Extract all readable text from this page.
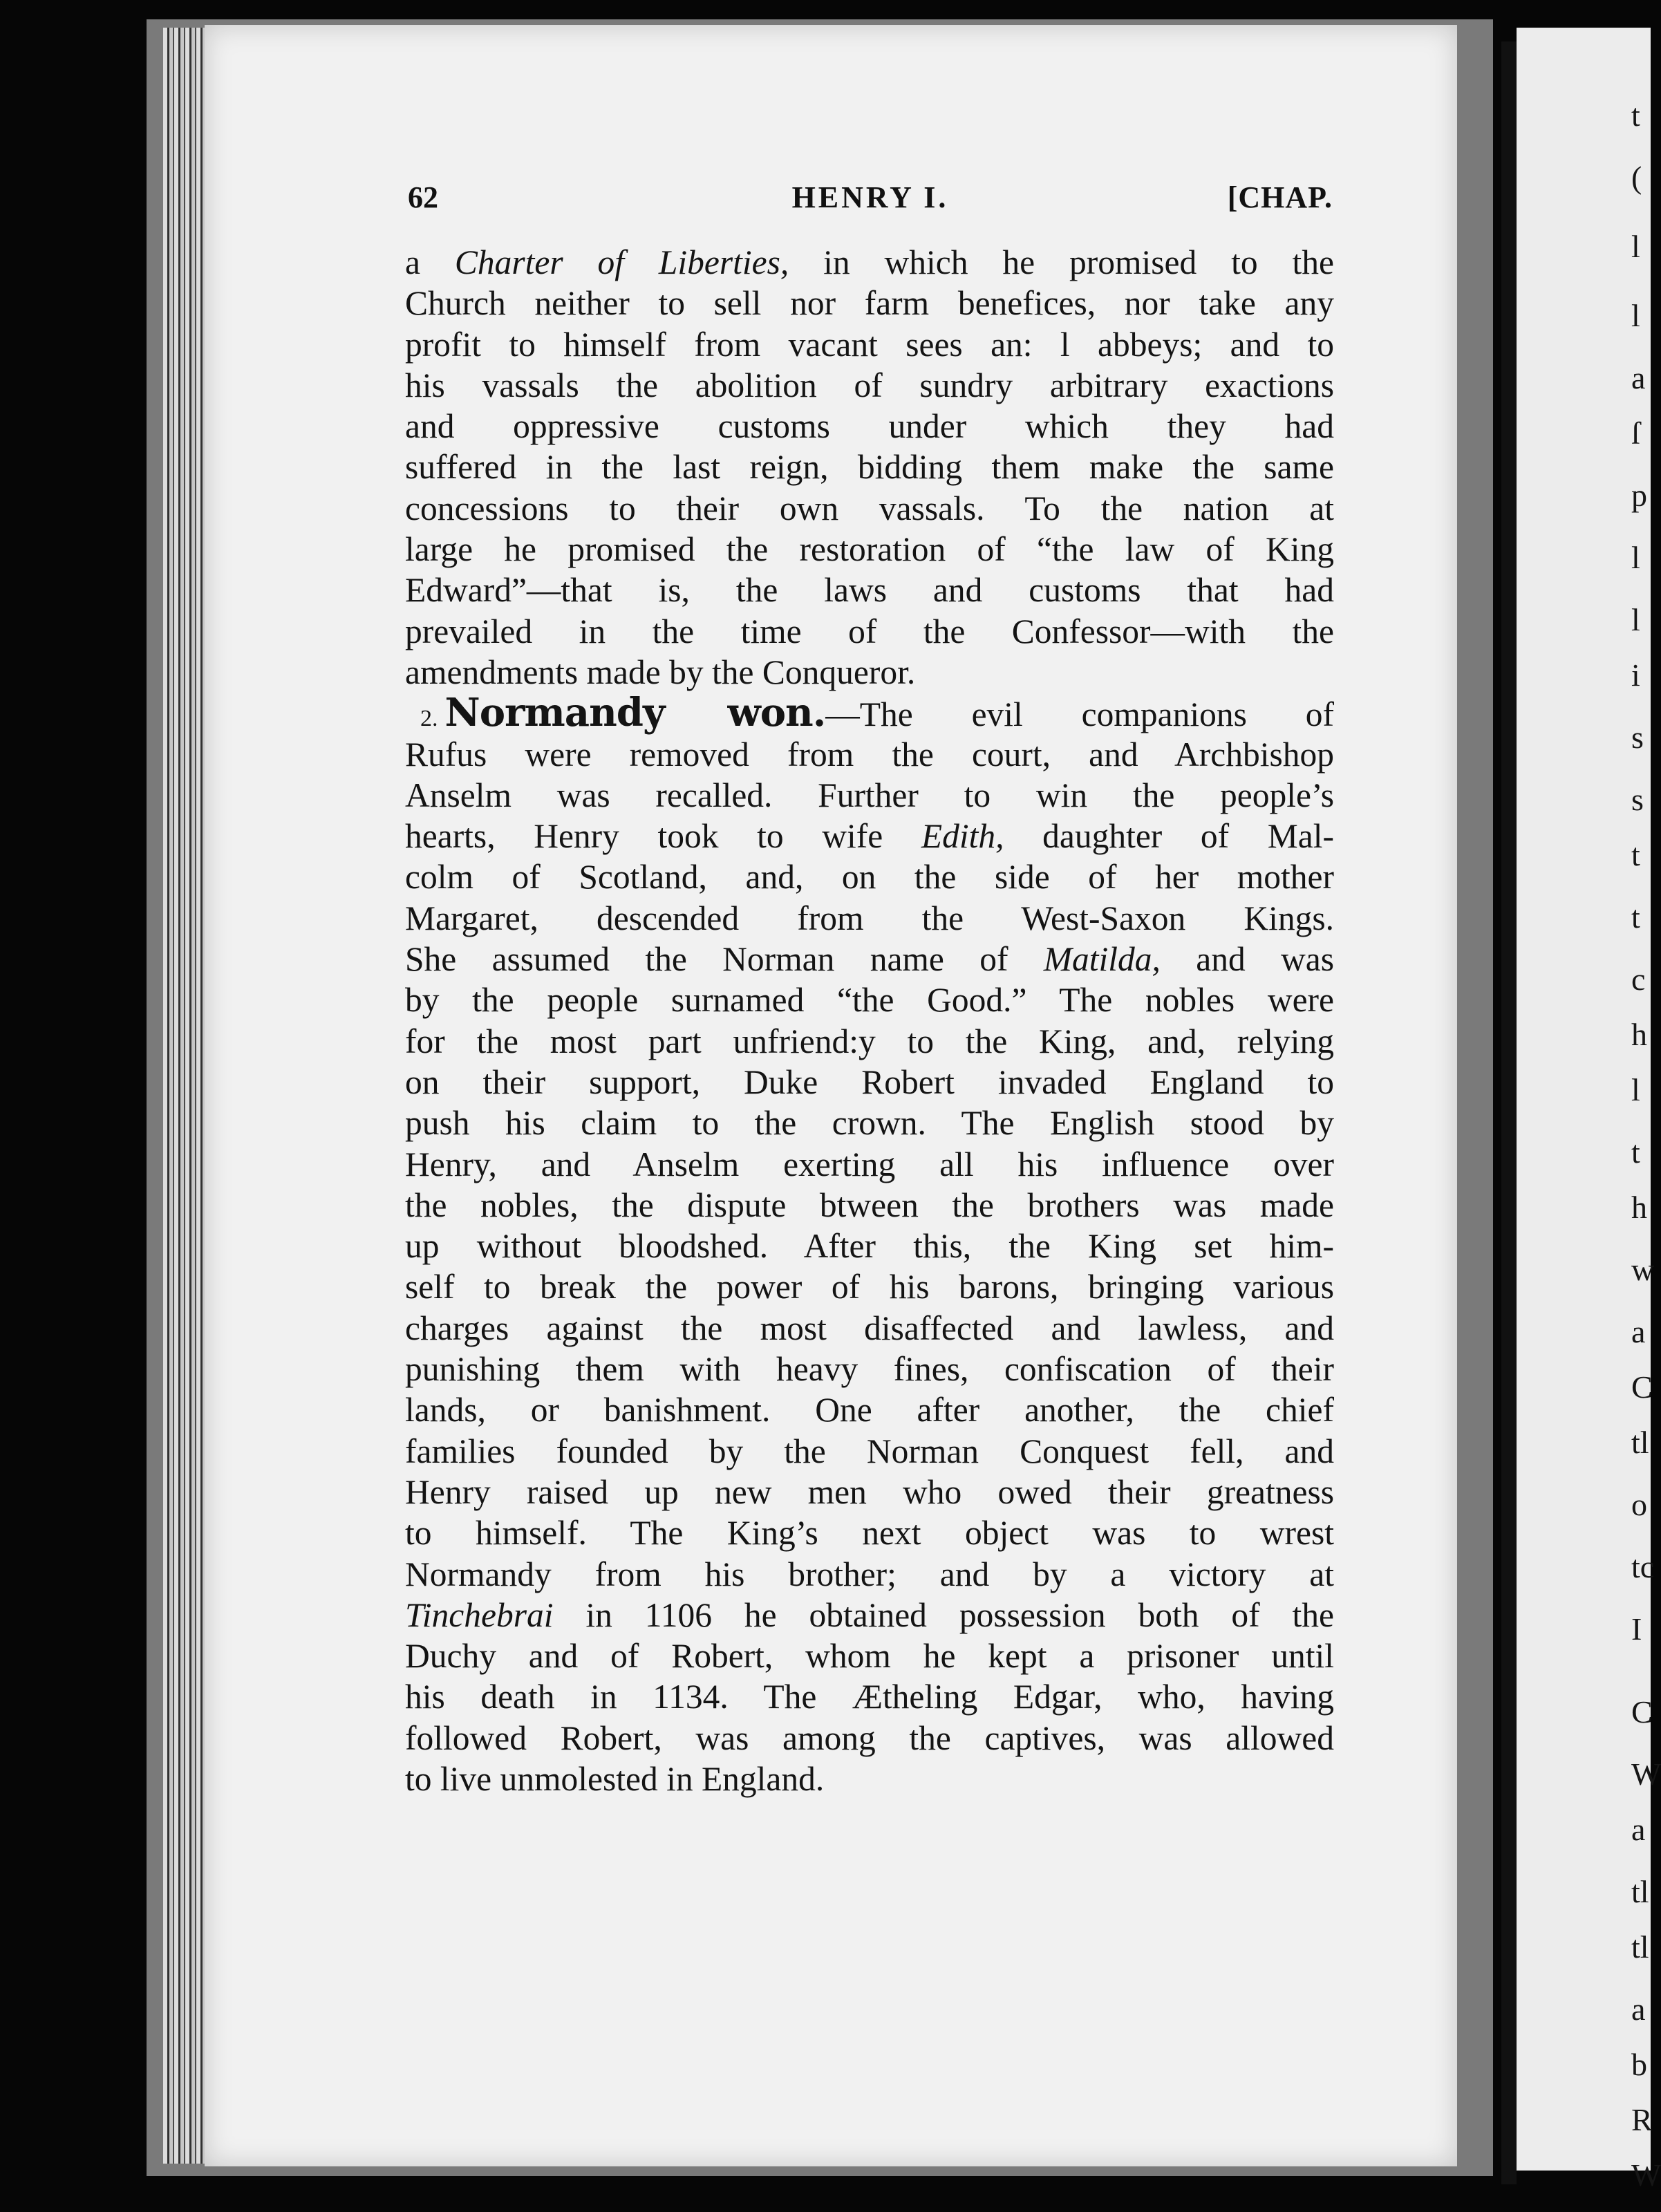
t
(
l
l
a
ſ
p
l
l
i
s
s
t
t
c
h
l
t
h
w
a
C
tl
o
tc
I
C
W
a
tl
tl
a
b
R
W
62	HENRY I.	[CHAP.
a Charter of Liberties, in which he promised to the
Church neither to sell nor farm benefices, nor take any
profit to himself from vacant sees an: l abbeys; and to
his vassals the abolition of sundry arbitrary exactions
and oppressive customs under which they had
suffered in the last reign, bidding them make the same
concessions to their own vassals. To the nation at
large he promised the restoration of “the law of King
Edward”—that is, the laws and customs that had
prevailed in the time of the Confessor—with the
amendments made by the Conqueror.
2. Normandy won.—The evil companions of
Rufus were removed from the court, and Archbishop
Anselm was recalled. Further to win the people’s
hearts, Henry took to wife Edith, daughter of Mal-
colm of Scotland, and, on the side of her mother
Margaret, descended from the West-Saxon Kings.
She assumed the Norman name of Matilda, and was
by the people surnamed “the Good.” The nobles were
for the most part unfriend:y to the King, and, relying
on their support, Duke Robert invaded England to
push his claim to the crown. The English stood by
Henry, and Anselm exerting all his influence over
the nobles, the dispute btween the brothers was made
up without bloodshed. After this, the King set him-
self to break the power of his barons, bringing various
charges against the most disaffected and lawless, and
punishing them with heavy fines, confiscation of their
lands, or banishment. One after another, the chief
families founded by the Norman Conquest fell, and
Henry raised up new men who owed their greatness
to himself. The King’s next object was to wrest
Normandy from his brother; and by a victory at
Tinchebrai in 1106 he obtained possession both of the
Duchy and of Robert, whom he kept a prisoner until
his death in 1134. The Ætheling Edgar, who, having
followed Robert, was among the captives, was allowed
to live unmolested in England.
